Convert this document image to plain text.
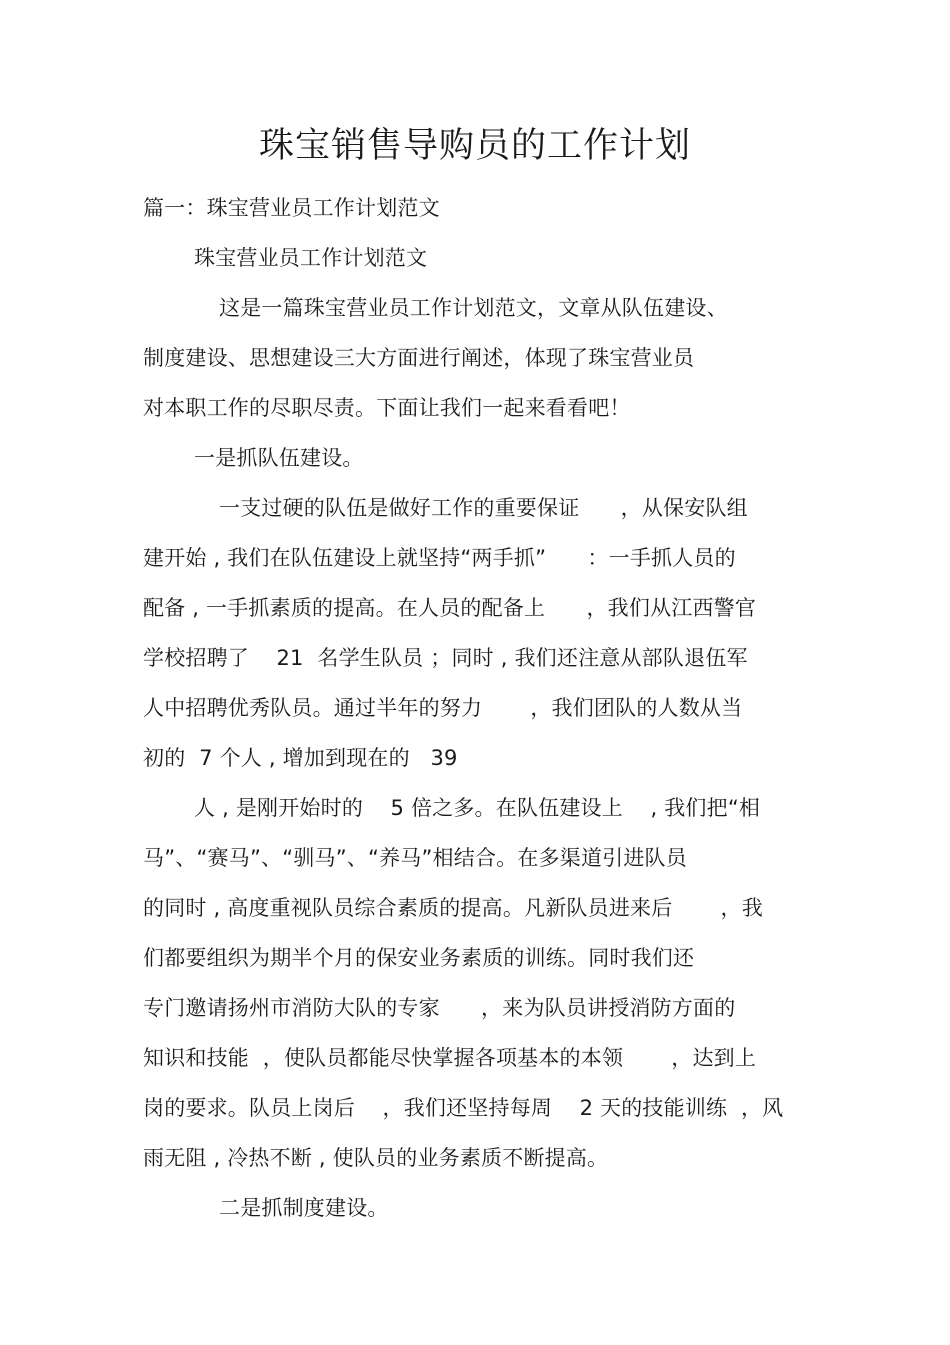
珠宝销售导购员的工作计划
篇一：珠宝营业员工作计划范文
珠宝营业员工作计划范文
这是一篇珠宝营业员工作计划范文，文章从队伍建设、
制度建设、思想建设三大方面进行阐述，体现了珠宝营业员
对本职工作的尽职尽责。下面让我们一起来看看吧！
一是抓队伍建设。
一支过硬的队伍是做好工作的重要保证      ，从保安队组
建开始 , 我们在队伍建设上就坚持“两手抓”      ：一手抓人员的
配备 , 一手抓素质的提高。在人员的配备上      ，我们从江西警官
学校招聘了    21  名学生队员 ；同时 , 我们还注意从部队退伍军
人中招聘优秀队员。通过半年的努力       ，我们团队的人数从当
初的  7 个人 , 增加到现在的   39
人 , 是刚开始时的    5 倍之多。在队伍建设上    , 我们把“相
马”、“赛马”、“驯马”、“养马”相结合。在多渠道引进队员
的同时 , 高度重视队员综合素质的提高。凡新队员进来后       ，我
们都要组织为期半个月的保安业务素质的训练。同时我们还
专门邀请扬州市消防大队的专家      ，来为队员讲授消防方面的
知识和技能  ，使队员都能尽快掌握各项基本的本领       ，达到上
岗的要求。队员上岗后    ，我们还坚持每周    2 天的技能训练  ，风
雨无阻 , 冷热不断 , 使队员的业务素质不断提高。
二是抓制度建设。
